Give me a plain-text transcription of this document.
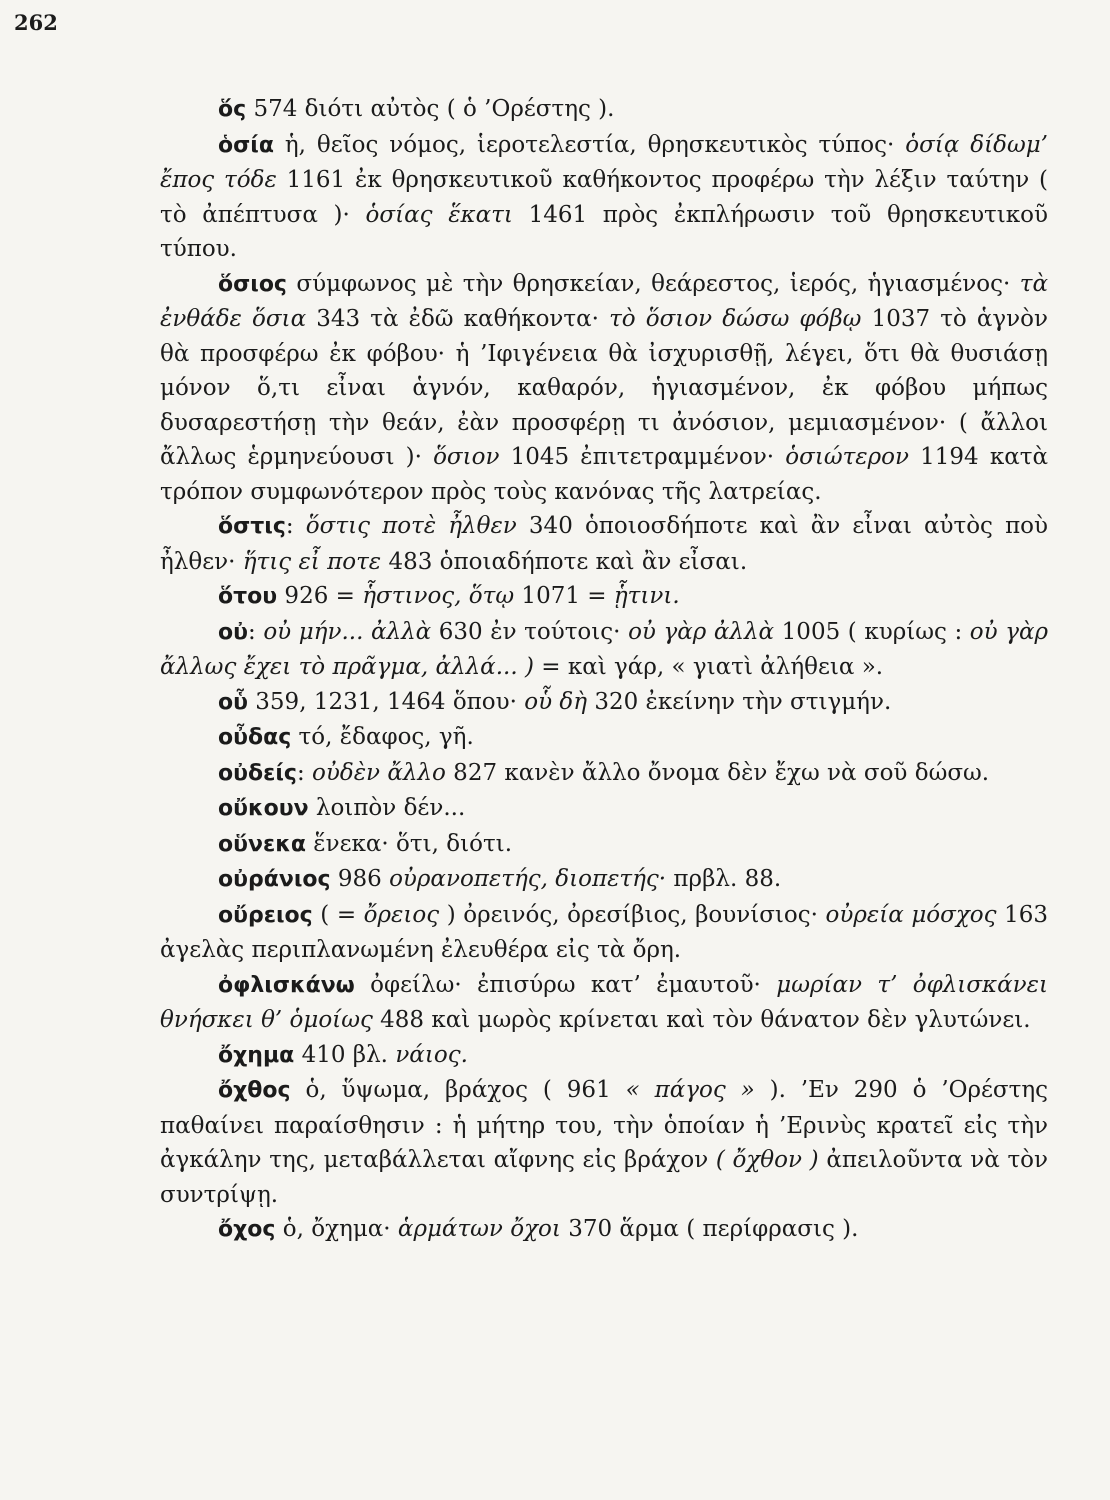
262

ὅς 574 διότι αὐτὸς ( ὁ ’Ορέστης ).

ὁσία ἡ, θεῖος νόμος, ἱεροτελεστία, θρησκευτικὸς τύπος· ὁσίᾳ δίδωμ’ ἔπος τόδε 1161 ἐκ θρησκευτικοῦ καθήκοντος προφέρω τὴν λέξιν ταύτην ( τὸ ἀπέπτυσα )· ὁσίας ἕκατι 1461 πρὸς ἐκπλήρωσιν τοῦ θρησκευτικοῦ τύπου.

ὅσιος σύμφωνος μὲ τὴν θρησκείαν, θεάρεστος, ἱερός, ἡγιασμένος· τὰ ἐνθάδε ὅσια 343 τὰ ἐδῶ καθήκοντα· τὸ ὅσιον δώσω φόβῳ 1037 τὸ ἁγνὸν θὰ προσφέρω ἐκ φόβου· ἡ ’Ιφιγένεια θὰ ἰσχυρισθῇ, λέγει, ὅτι θὰ θυσιάσῃ μόνον ὅ,τι εἶναι ἁγνόν, καθαρόν, ἡγιασμένον, ἐκ φόβου μήπως δυσαρεστήσῃ τὴν θεάν, ἐὰν προσφέρῃ τι ἀνόσιον, μεμιασμένον· ( ἄλλοι ἄλλως ἑρμηνεύουσι )· ὅσιον 1045 ἐπιτετραμμένον· ὁσιώτερον 1194 κατὰ τρόπον συμφωνότερον πρὸς τοὺς κανόνας τῆς λατρείας.

ὅστις: ὅστις ποτὲ ἦλθεν 340 ὁποιοσδήποτε καὶ ἂν εἶναι αὐτὸς ποὺ ἦλθεν· ἥτις εἶ ποτε 483 ὁποιαδήποτε καὶ ἂν εἶσαι.

ὅτου 926 = ἧστινος, ὅτῳ 1071 = ᾗτινι.

οὐ: οὐ μήν... ἀλλὰ 630 ἐν τούτοις· οὐ γὰρ ἀλλὰ 1005 ( κυρίως : οὐ γὰρ ἄλλως ἔχει τὸ πρᾶγμα, ἀλλά... ) = καὶ γάρ, « γιατὶ ἀλήθεια ».

οὗ 359, 1231, 1464 ὅπου· οὗ δὴ 320 ἐκείνην τὴν στιγμήν.

οὖδας τό, ἔδαφος, γῆ.

οὐδείς: οὐδὲν ἄλλο 827 κανὲν ἄλλο ὄνομα δὲν ἔχω νὰ σοῦ δώσω.

οὔκουν λοιπὸν δέν...

οὕνεκα ἕνεκα· ὅτι, διότι.

οὐράνιος 986 οὐρανοπετής, διοπετής· πρβλ. 88.

οὔρειος ( = ὄρειος ) ὀρεινός, ὀρεσίβιος, βουνίσιος· οὐρεία μόσχος 163 ἀγελὰς περιπλανωμένη ἐλευθέρα εἰς τὰ ὄρη.

ὀφλισκάνω ὀφείλω· ἐπισύρω κατ’ ἐμαυτοῦ· μωρίαν τ’ ὀφλισκάνει θνήσκει θ’ ὁμοίως 488 καὶ μωρὸς κρίνεται καὶ τὸν θάνατον δὲν γλυτώνει.

ὄχημα 410 βλ. νάιος.

ὄχθος ὁ, ὕψωμα, βράχος ( 961 « πάγος » ). ’Εν 290 ὁ ’Ορέστης παθαίνει παραίσθησιν : ἡ μήτηρ του, τὴν ὁποίαν ἡ ’Ερινὺς κρατεῖ εἰς τὴν ἀγκάλην της, μεταβάλλεται αἴφνης εἰς βράχον ( ὄχθον ) ἀπειλοῦντα νὰ τὸν συντρίψῃ.

ὄχος ὁ, ὄχημα· ἁρμάτων ὄχοι 370 ἅρμα ( περίφρασις ).
